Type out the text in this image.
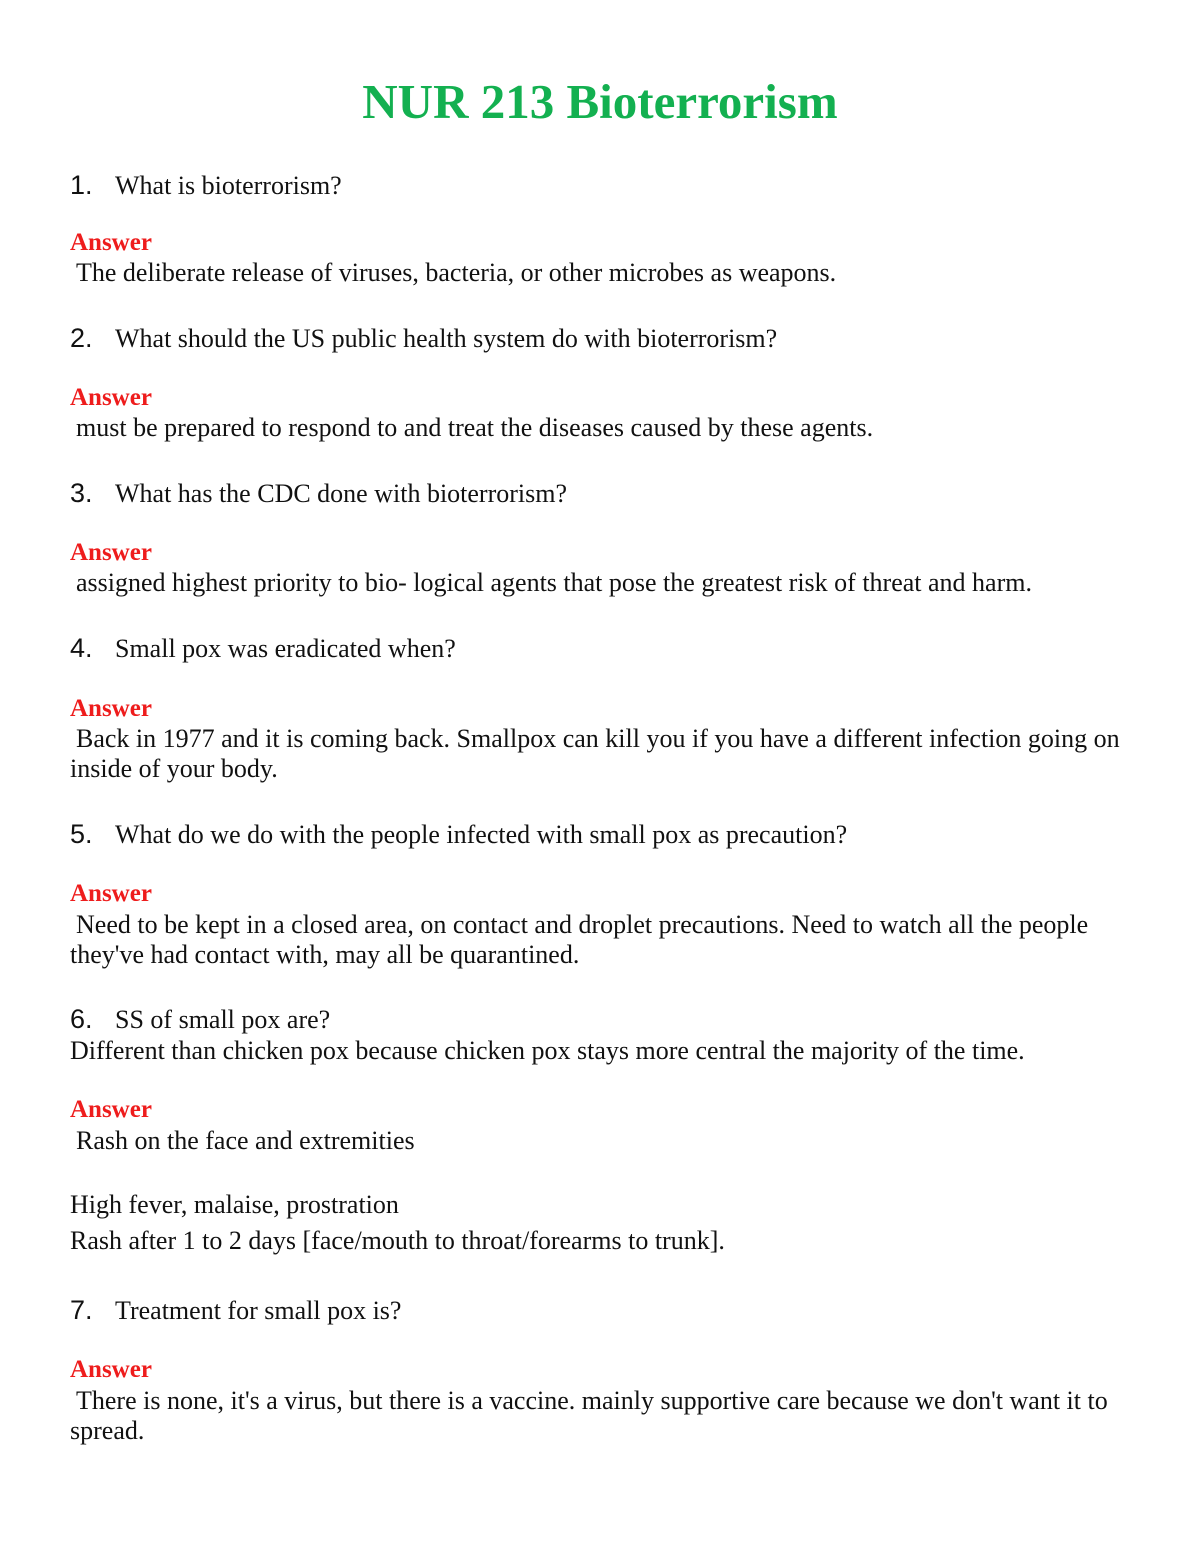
NUR 213 Bioterrorism
1. What is bioterrorism?
Answer
The deliberate release of viruses, bacteria, or other microbes as weapons.
2. What should the US public health system do with bioterrorism?
Answer
must be prepared to respond to and treat the diseases caused by these agents.
3. What has the CDC done with bioterrorism?
Answer
assigned highest priority to bio- logical agents that pose the greatest risk of threat and harm.
4. Small pox was eradicated when?
Answer
Back in 1977 and it is coming back. Smallpox can kill you if you have a different infection going on inside of your body.
5. What do we do with the people infected with small pox as precaution?
Answer
Need to be kept in a closed area, on contact and droplet precautions. Need to watch all the people they've had contact with, may all be quarantined.
6. SS of small pox are?
Different than chicken pox because chicken pox stays more central the majority of the time.
Answer
Rash on the face and extremities
High fever, malaise, prostration
Rash after 1 to 2 days [face/mouth to throat/forearms to trunk].
7. Treatment for small pox is?
Answer
There is none, it's a virus, but there is a vaccine. mainly supportive care because we don't want it to spread.
